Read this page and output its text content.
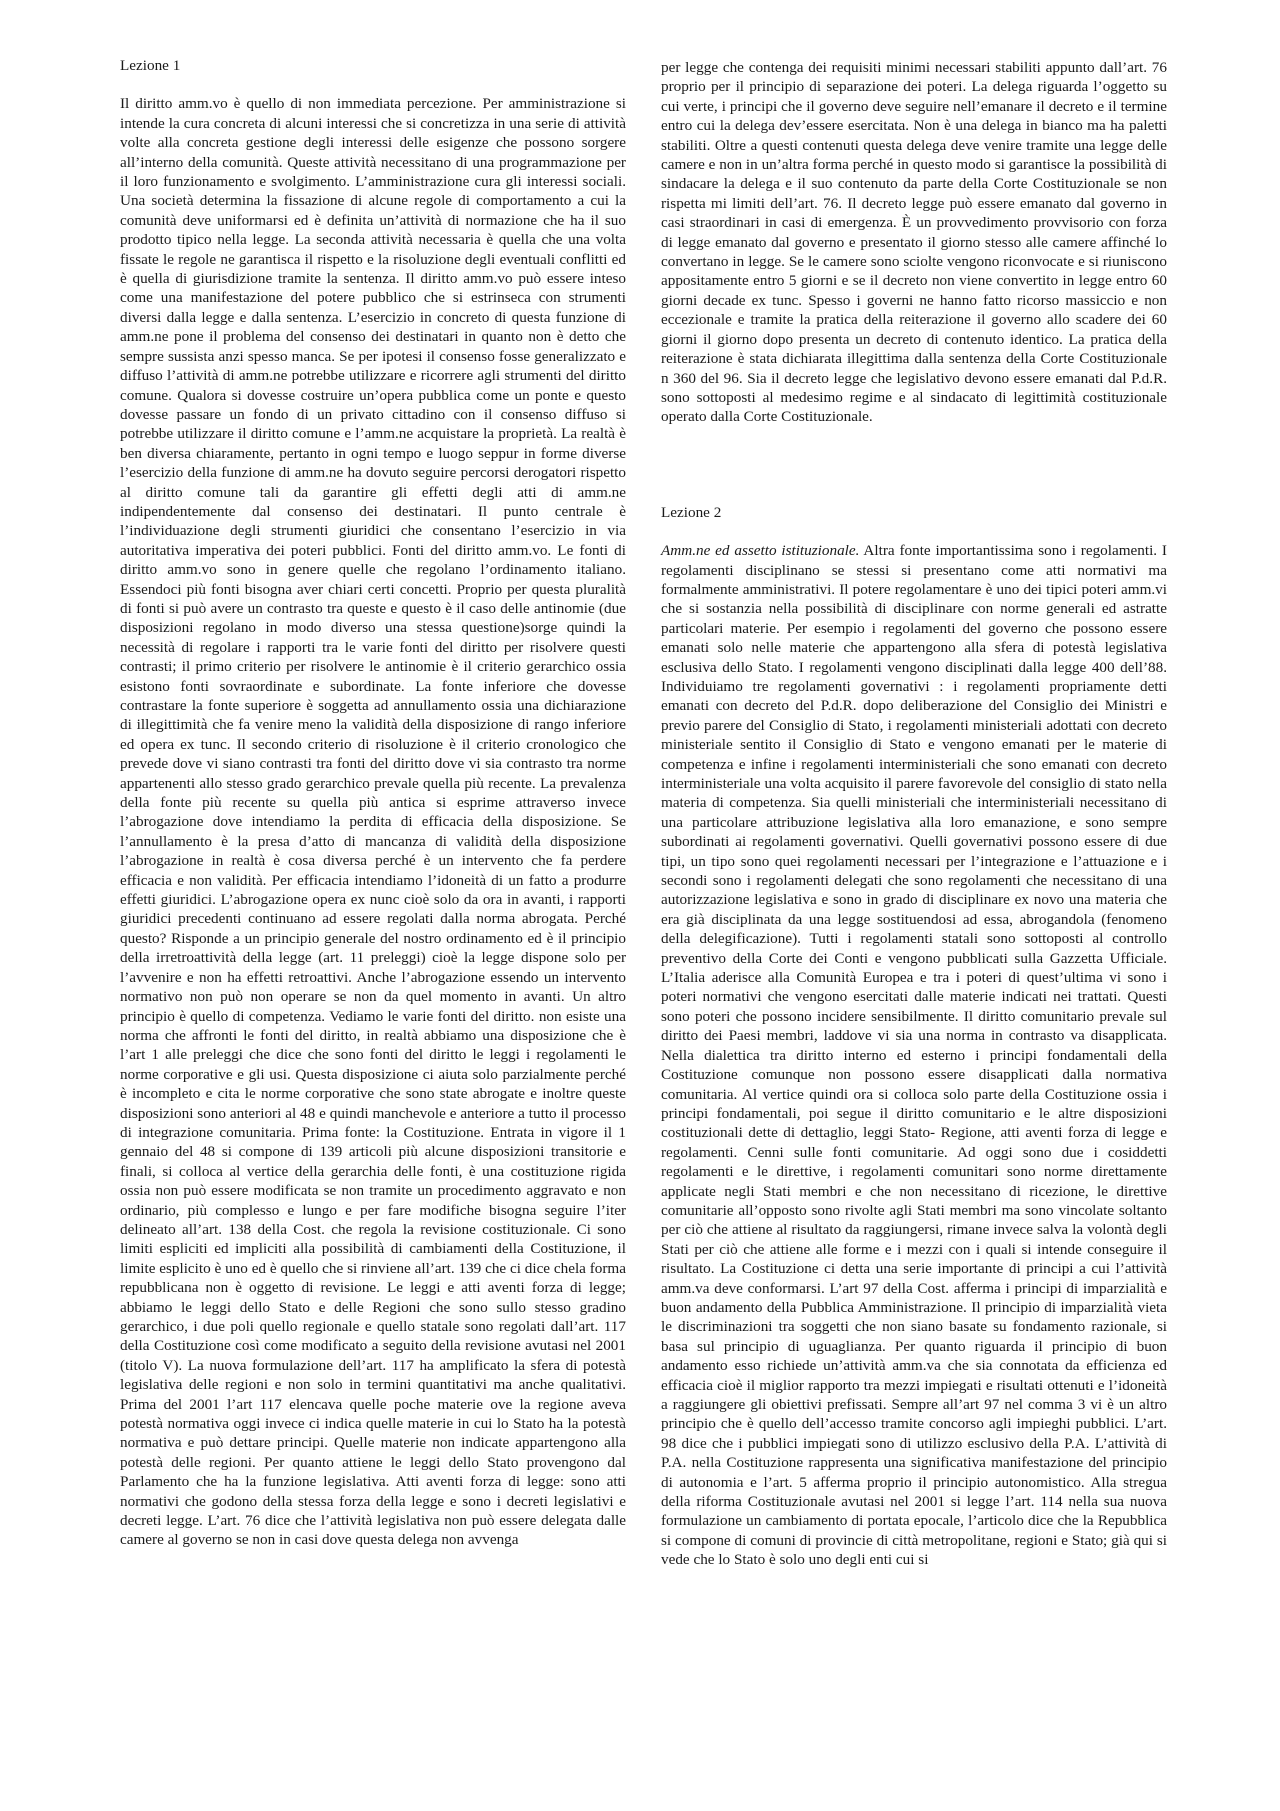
Lezione 1

Il diritto amm.vo è quello di non immediata percezione. Per amministrazione si intende la cura concreta di alcuni interessi che si concretizza in una serie di attività volte alla concreta gestione degli interessi delle esigenze che possono sorgere all’interno della comunità. Queste attività necessitano di una programmazione per il loro funzionamento e svolgimento. L’amministrazione cura gli interessi sociali. Una società determina la fissazione di alcune regole di comportamento a cui la comunità deve uniformarsi ed è definita un’attività di normazione che ha il suo prodotto tipico nella legge. La seconda attività necessaria è quella che una volta fissate le regole ne garantisca il rispetto e la risoluzione degli eventuali conflitti ed è quella di giurisdizione tramite la sentenza. Il diritto amm.vo può essere inteso come una manifestazione del potere pubblico che si estrinseca con strumenti diversi dalla legge e dalla sentenza. L’esercizio in concreto di questa funzione di amm.ne pone il problema del consenso dei destinatari in quanto non è detto che sempre sussista anzi spesso manca. Se per ipotesi il consenso fosse generalizzato e diffuso l’attività di amm.ne potrebbe utilizzare e ricorrere agli strumenti del diritto comune. Qualora si dovesse costruire un’opera pubblica come un ponte e questo dovesse passare un fondo di un privato cittadino con il consenso diffuso si potrebbe utilizzare il diritto comune e l’amm.ne acquistare la proprietà. La realtà è ben diversa chiaramente, pertanto in ogni tempo e luogo seppur in forme diverse l’esercizio della funzione di amm.ne ha dovuto seguire percorsi derogatori rispetto al diritto comune tali da garantire gli effetti degli atti di amm.ne indipendentemente dal consenso dei destinatari. Il punto centrale è l’individuazione degli strumenti giuridici che consentano l’esercizio in via autoritativa imperativa dei poteri pubblici. Fonti del diritto amm.vo. Le fonti di diritto amm.vo sono in genere quelle che regolano l’ordinamento italiano. Essendoci più fonti bisogna aver chiari certi concetti. Proprio per questa pluralità di fonti si può avere un contrasto tra queste e questo è il caso delle antinomie (due disposizioni regolano in modo diverso una stessa questione)sorge quindi la necessità di regolare i rapporti tra le varie fonti del diritto per risolvere questi contrasti; il primo criterio per risolvere le antinomie è il criterio gerarchico ossia esistono fonti sovraordinate e subordinate. La fonte inferiore che dovesse contrastare la fonte superiore è soggetta ad annullamento ossia una dichiarazione di illegittimità che fa venire meno la validità della disposizione di rango inferiore ed opera ex tunc. Il secondo criterio di risoluzione è il criterio cronologico che prevede dove vi siano contrasti tra fonti del diritto dove vi sia contrasto tra norme appartenenti allo stesso grado gerarchico prevale quella più recente. La prevalenza della fonte più recente su quella più antica si esprime attraverso invece l’abrogazione dove intendiamo la perdita di efficacia della disposizione. Se l’annullamento è la presa d’atto di mancanza di validità della disposizione l’abrogazione in realtà è cosa diversa perché è un intervento che fa perdere efficacia e non validità. Per efficacia intendiamo l’idoneità di un fatto a produrre effetti giuridici. L’abrogazione opera ex nunc cioè solo da ora in avanti, i rapporti giuridici precedenti continuano ad essere regolati dalla norma abrogata. Perché questo? Risponde a un principio generale del nostro ordinamento ed è il principio della irretroattività della legge (art. 11 preleggi) cioè la legge dispone solo per l’avvenire e non ha effetti retroattivi. Anche l’abrogazione essendo un intervento normativo non può non operare se non da quel momento in avanti. Un altro principio è quello di competenza. Vediamo le varie fonti del diritto. non esiste una norma che affronti le fonti del diritto, in realtà abbiamo una disposizione che è l’art 1 alle preleggi che dice che sono fonti del diritto le leggi i regolamenti le norme corporative e gli usi. Questa disposizione ci aiuta solo parzialmente perché è incompleto e cita le norme corporative che sono state abrogate e inoltre queste disposizioni sono anteriori al 48 e quindi manchevole e anteriore a tutto il processo di integrazione comunitaria. Prima fonte: la Costituzione. Entrata in vigore il 1 gennaio del 48 si compone di 139 articoli più alcune disposizioni transitorie e finali, si colloca al vertice della gerarchia delle fonti, è una costituzione rigida ossia non può essere modificata se non tramite un procedimento aggravato e non ordinario, più complesso e lungo e per fare modifiche bisogna seguire l’iter delineato all’art. 138 della Cost. che regola la revisione costituzionale. Ci sono limiti espliciti ed impliciti alla possibilità di cambiamenti della Costituzione, il limite esplicito è uno ed è quello che si rinviene all’art. 139 che ci dice chela forma repubblicana non è oggetto di revisione. Le leggi e atti aventi forza di legge; abbiamo le leggi dello Stato e delle Regioni che sono sullo stesso gradino gerarchico, i due poli quello regionale e quello statale sono regolati dall’art. 117 della Costituzione così come modificato a seguito della revisione avutasi nel 2001 (titolo V). La nuova formulazione dell’art. 117 ha amplificato la sfera di potestà legislativa delle regioni e non solo in termini quantitativi ma anche qualitativi. Prima del 2001 l’art 117 elencava quelle poche materie ove la regione aveva potestà normativa oggi invece ci indica quelle materie in cui lo Stato ha la potestà normativa e può dettare principi. Quelle materie non indicate appartengono alla potestà delle regioni. Per quanto attiene le leggi dello Stato provengono dal Parlamento che ha la funzione legislativa. Atti aventi forza di legge: sono atti normativi che godono della stessa forza della legge e sono i decreti legislativi e decreti legge. L’art. 76 dice che l’attività legislativa non può essere delegata dalle camere al governo se non in casi dove questa delega non avvenga

per legge che contenga dei requisiti minimi necessari stabiliti appunto dall’art. 76 proprio per il principio di separazione dei poteri. La delega riguarda l’oggetto su cui verte, i principi che il governo deve seguire nell’emanare il decreto e il termine entro cui la delega dev’essere esercitata. Non è una delega in bianco ma ha paletti stabiliti. Oltre a questi contenuti questa delega deve venire tramite una legge delle camere e non in un’altra forma perché in questo modo si garantisce la possibilità di sindacare la delega e il suo contenuto da parte della Corte Costituzionale se non rispetta mi limiti dell’art. 76. Il decreto legge può essere emanato dal governo in casi straordinari in casi di emergenza. È un provvedimento provvisorio con forza di legge emanato dal governo e presentato il giorno stesso alle camere affinché lo convertano in legge. Se le camere sono sciolte vengono riconvocate e si riuniscono appositamente entro 5 giorni e se il decreto non viene convertito in legge entro 60 giorni decade ex tunc. Spesso i governi ne hanno fatto ricorso massiccio e non eccezionale e tramite la pratica della reiterazione il governo allo scadere dei 60 giorni il giorno dopo presenta un decreto di contenuto identico. La pratica della reiterazione è stata dichiarata illegittima dalla sentenza della Corte Costituzionale n 360 del 96. Sia il decreto legge che legislativo devono essere emanati dal P.d.R. sono sottoposti al medesimo regime e al sindacato di legittimità costituzionale operato dalla Corte Costituzionale.

Lezione 2

Amm.ne ed assetto istituzionale. Altra fonte importantissima sono i regolamenti. I regolamenti disciplinano se stessi si presentano come atti normativi ma formalmente amministrativi. Il potere regolamentare è uno dei tipici poteri amm.vi che si sostanzia nella possibilità di disciplinare con norme generali ed astratte particolari materie. Per esempio i regolamenti del governo che possono essere emanati solo nelle materie che appartengono alla sfera di potestà legislativa esclusiva dello Stato. I regolamenti vengono disciplinati dalla legge 400 dell’88. Individuiamo tre regolamenti governativi : i regolamenti propriamente detti emanati con decreto del P.d.R. dopo deliberazione del Consiglio dei Ministri e previo parere del Consiglio di Stato, i regolamenti ministeriali adottati con decreto ministeriale sentito il Consiglio di Stato e vengono emanati per le materie di competenza e infine i regolamenti interministeriali che sono emanati con decreto interministeriale una volta acquisito il parere favorevole del consiglio di stato nella materia di competenza. Sia quelli ministeriali che interministeriali necessitano di una particolare attribuzione legislativa alla loro emanazione, e sono sempre subordinati ai regolamenti governativi. Quelli governativi possono essere di due tipi, un tipo sono quei regolamenti necessari per l’integrazione e l’attuazione e i secondi sono i regolamenti delegati che sono regolamenti che necessitano di una autorizzazione legislativa e sono in grado di disciplinare ex novo una materia che era già disciplinata da una legge sostituendosi ad essa, abrogandola (fenomeno della delegificazione). Tutti i regolamenti statali sono sottoposti al controllo preventivo della Corte dei Conti e vengono pubblicati sulla Gazzetta Ufficiale. L’Italia aderisce alla Comunità Europea e tra i poteri di quest’ultima vi sono i poteri normativi che vengono esercitati dalle materie indicati nei trattati. Questi sono poteri che possono incidere sensibilmente. Il diritto comunitario prevale sul diritto dei Paesi membri, laddove vi sia una norma in contrasto va disapplicata. Nella dialettica tra diritto interno ed esterno i principi fondamentali della Costituzione comunque non possono essere disapplicati dalla normativa comunitaria. Al vertice quindi ora si colloca solo parte della Costituzione ossia i principi fondamentali, poi segue il diritto comunitario e le altre disposizioni costituzionali dette di dettaglio, leggi Stato- Regione, atti aventi forza di legge e regolamenti. Cenni sulle fonti comunitarie. Ad oggi sono due i cosiddetti regolamenti e le direttive, i regolamenti comunitari sono norme direttamente applicate negli Stati membri e che non necessitano di ricezione, le direttive comunitarie all’opposto sono rivolte agli Stati membri ma sono vincolate soltanto per ciò che attiene al risultato da raggiungersi, rimane invece salva la volontà degli Stati per ciò che attiene alle forme e i mezzi con i quali si intende conseguire il risultato. La Costituzione ci detta una serie importante di principi a cui l’attività amm.va deve conformarsi. L’art 97 della Cost. afferma i principi di imparzialità e buon andamento della Pubblica Amministrazione. Il principio di imparzialità vieta le discriminazioni tra soggetti che non siano basate su fondamento razionale, si basa sul principio di uguaglianza. Per quanto riguarda il principio di buon andamento esso richiede un’attività amm.va che sia connotata da efficienza ed efficacia cioè il miglior rapporto tra mezzi impiegati e risultati ottenuti e l’idoneità a raggiungere gli obiettivi prefissati. Sempre all’art 97 nel comma 3 vi è un altro principio che è quello dell’accesso tramite concorso agli impieghi pubblici. L’art. 98 dice che i pubblici impiegati sono di utilizzo esclusivo della P.A. L’attività di P.A. nella Costituzione rappresenta una significativa manifestazione del principio di autonomia e l’art. 5 afferma proprio il principio autonomistico. Alla stregua della riforma Costituzionale avutasi nel 2001 si legge l’art. 114 nella sua nuova formulazione un cambiamento di portata epocale, l’articolo dice che la Repubblica si compone di comuni di provincie di città metropolitane, regioni e Stato; già qui si vede che lo Stato è solo uno degli enti cui si
